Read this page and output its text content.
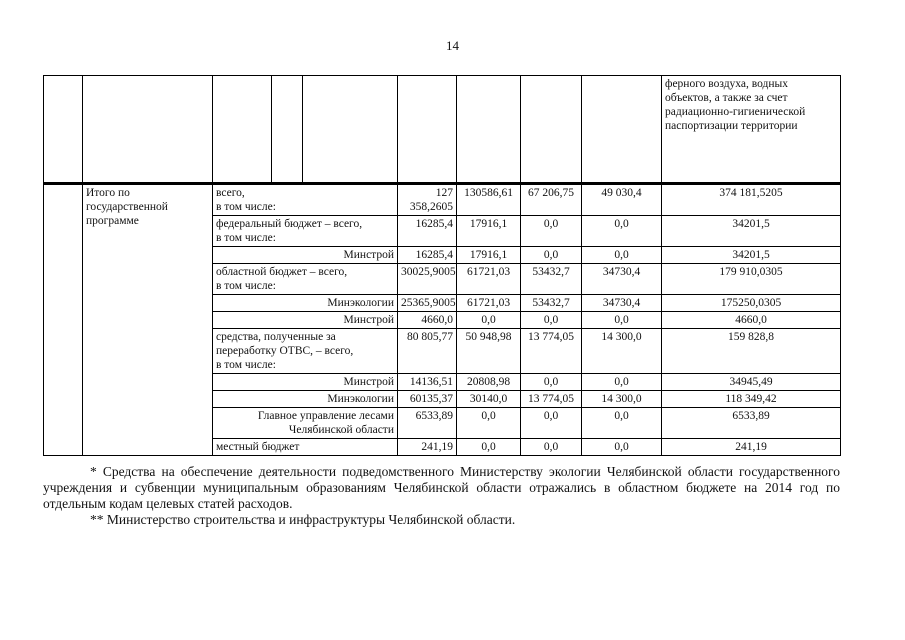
14
									ферного воздуха, водных объектов, а также за счет радиационно-гигиенической паспортизации территории	
	Итого по государственной программе	всего,
в том числе:			127 358,2605	130586,61	67 206,75	49 030,4	374 181,5205	
		федеральный бюджет – всего,
в том числе:			16285,4	17916,1	0,0	0,0	34201,5	
		Минстрой			16285,4	17916,1	0,0	0,0	34201,5	
		областной бюджет – всего,
в том числе:			30025,9005	61721,03	53432,7	34730,4	179 910,0305	
		Минэкологии			25365,9005	61721,03	53432,7	34730,4	175250,0305	
		Минстрой			4660,0	0,0	0,0	0,0	4660,0	
		средства, полученные за переработку ОТВС, – всего,
в том числе:			80 805,77	50 948,98	13 774,05	14 300,0	159 828,8	
		Минстрой			14136,51	20808,98	0,0	0,0	34945,49	
		Минэкологии			60135,37	30140,0	13 774,05	14 300,0	118 349,42	
		Главное управление лесами Челябинской области			6533,89	0,0	0,0	0,0	6533,89	
		местный бюджет			241,19	0,0	0,0	0,0	241,19	

* Средства на обеспечение деятельности подведомственного Министерству экологии Челябинской области государственного учреждения и субвенции муниципальным образованиям Челябинской области отражались в областном бюджете на 2014 год по отдельным кодам целевых статей расходов.

** Министерство строительства и инфраструктуры Челябинской области.
